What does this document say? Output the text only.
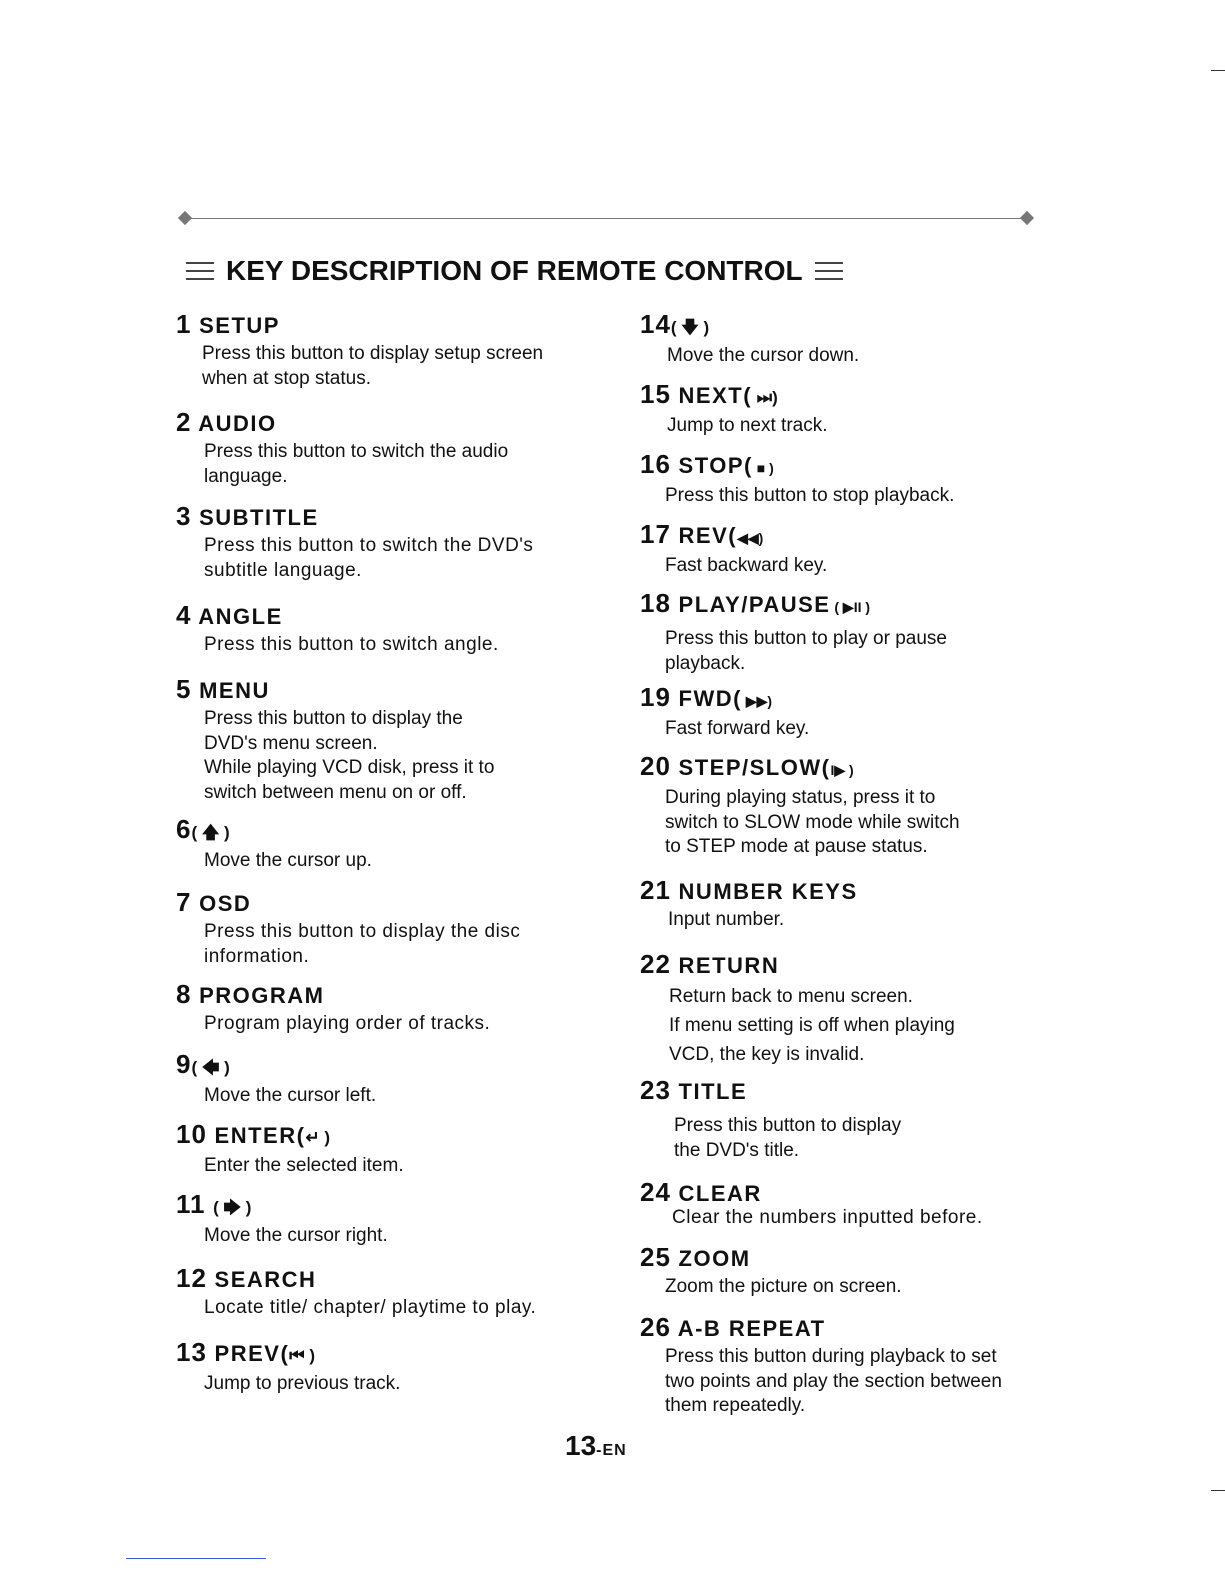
KEY DESCRIPTION OF REMOTE CONTROL
1 SETUP
Press this button to display setup screen
when at stop status.
2 AUDIO
Press this button to switch the audio
language.
3 SUBTITLE
Press this button to switch the DVD's
subtitle language.
4 ANGLE
Press this button to switch angle.
5 MENU
Press this button to display the
DVD's menu screen.
While playing VCD disk, press it to
switch between menu on or off.
6( 🡅 )
Move the cursor up.
7 OSD
Press this button to display the disc
information.
8 PROGRAM
Program playing order of tracks.
9( 🡄 )
Move the cursor left.
10 ENTER(↵ )
Enter the selected item.
11 ( 🡆 )
Move the cursor right.
12 SEARCH
Locate title/ chapter/ playtime to play.
13 PREV(⏮ )
Jump to previous track.
14( 🡇 )
Move the cursor down.
15 NEXT( ⏭)
Jump to next track.
16 STOP( ■ )
Press this button to stop playback.
17 REV(◀◀)
Fast backward key.
18 PLAY/PAUSE ( ▶II )
Press this button to play or pause
playback.
19 FWD( ▶▶)
Fast forward key.
20 STEP/SLOW(I▶ )
During playing status, press it to
switch to SLOW mode while switch
to STEP mode at pause status.
21 NUMBER KEYS
Input number.
22 RETURN
Return back to menu screen.
If menu setting is off when playing
VCD, the key is invalid.
23 TITLE
Press this button to display
the DVD's title.
24 CLEAR
Clear the numbers inputted before.
25 ZOOM
Zoom the picture on screen.
26 A-B REPEAT
Press this button during playback to set
two points and play the section between
them repeatedly.
13-EN
